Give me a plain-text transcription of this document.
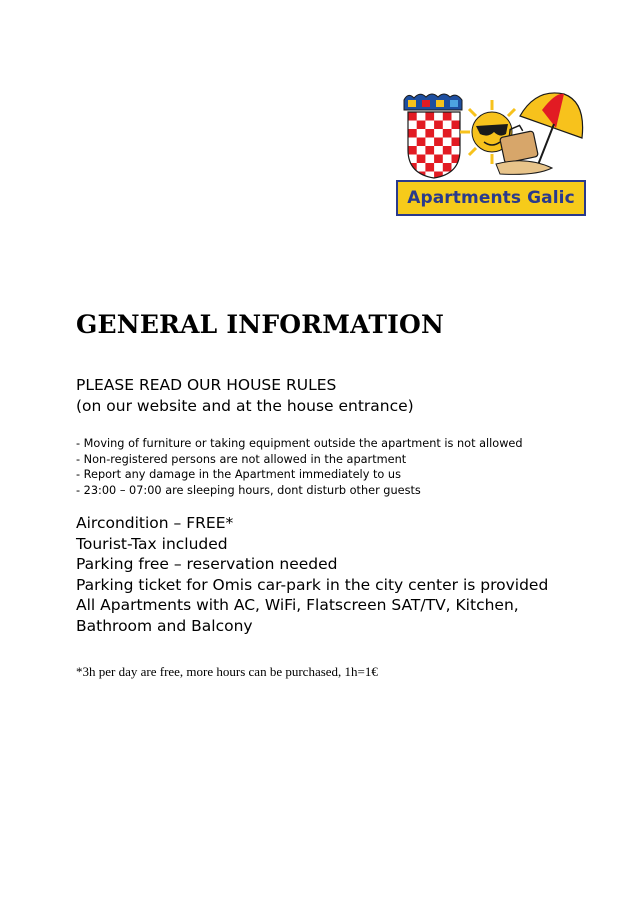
Apartments Galic
GENERAL INFORMATION
PLEASE READ OUR HOUSE RULES
(on our website and at the house entrance)
- Moving of furniture or taking equipment outside the apartment is not allowed
- Non-registered persons are not allowed in the apartment
- Report any damage in the Apartment immediately to us
- 23:00 – 07:00 are sleeping hours, dont disturb other guests
Aircondition – FREE*
Tourist-Tax included
Parking free – reservation needed
Parking ticket for Omis car-park in the city center is provided
All Apartments with AC, WiFi, Flatscreen SAT/TV, Kitchen,
Bathroom and Balcony
*3h per day are free, more hours can be purchased, 1h=1€
